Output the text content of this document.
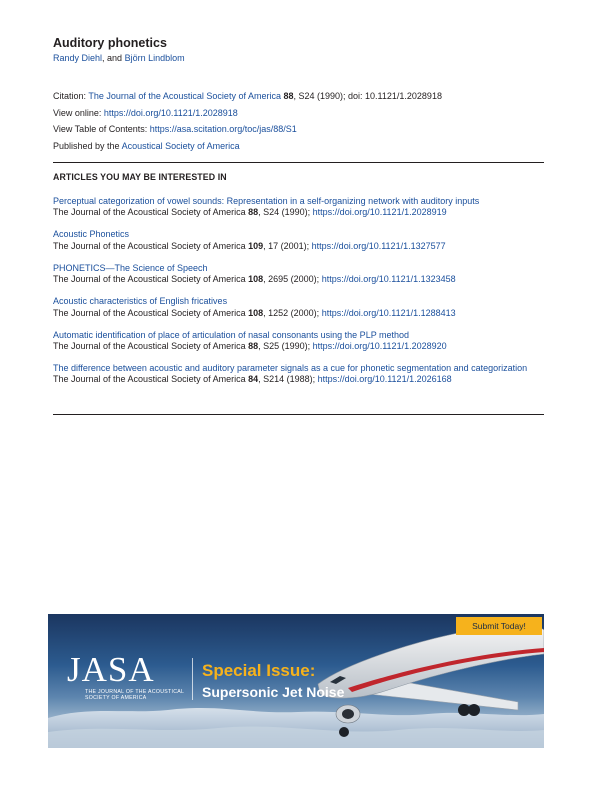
Auditory phonetics
Randy Diehl, and Björn Lindblom
Citation: The Journal of the Acoustical Society of America 88, S24 (1990); doi: 10.1121/1.2028918
View online: https://doi.org/10.1121/1.2028918
View Table of Contents: https://asa.scitation.org/toc/jas/88/S1
Published by the Acoustical Society of America
ARTICLES YOU MAY BE INTERESTED IN
Perceptual categorization of vowel sounds: Representation in a self-organizing network with auditory inputs
The Journal of the Acoustical Society of America 88, S24 (1990); https://doi.org/10.1121/1.2028919
Acoustic Phonetics
The Journal of the Acoustical Society of America 109, 17 (2001); https://doi.org/10.1121/1.1327577
PHONETICS—The Science of Speech
The Journal of the Acoustical Society of America 108, 2695 (2000); https://doi.org/10.1121/1.1323458
Acoustic characteristics of English fricatives
The Journal of the Acoustical Society of America 108, 1252 (2000); https://doi.org/10.1121/1.1288413
Automatic identification of place of articulation of nasal consonants using the PLP method
The Journal of the Acoustical Society of America 88, S25 (1990); https://doi.org/10.1121/1.2028920
The difference between acoustic and auditory parameter signals as a cue for phonetic segmentation and categorization
The Journal of the Acoustical Society of America 84, S214 (1988); https://doi.org/10.1121/1.2026168
Submit Today!
JASA
THE JOURNAL OF THE ACOUSTICAL SOCIETY OF AMERICA
Special Issue:
Supersonic Jet Noise
